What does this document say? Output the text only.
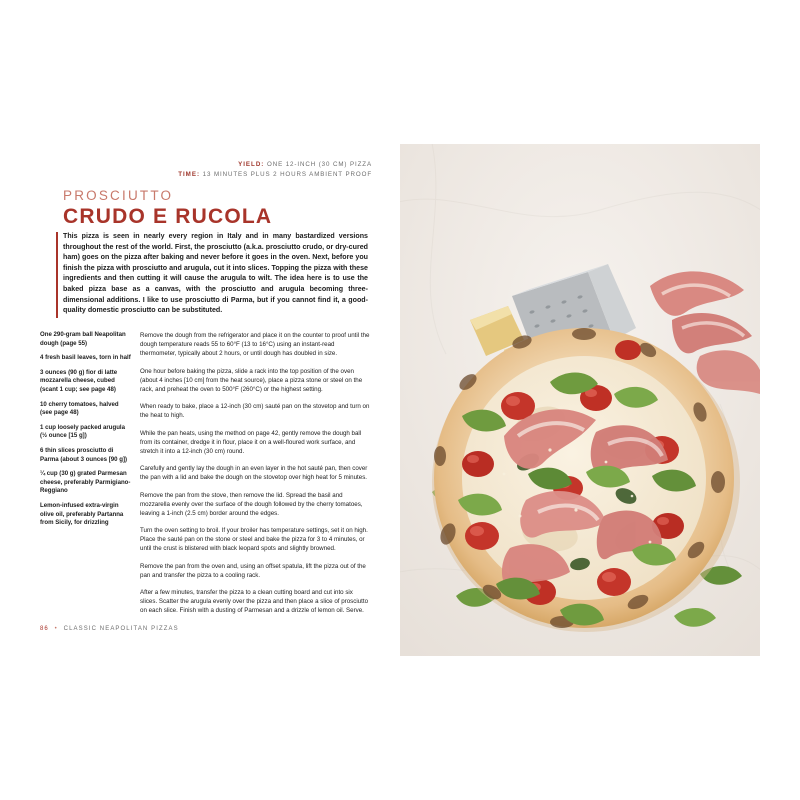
YIELD: ONE 12-INCH (30 CM) PIZZA
TIME: 13 MINUTES PLUS 2 HOURS AMBIENT PROOF

PROSCIUTTO

CRUDO E RUCOLA
This pizza is seen in nearly every region in Italy and in many bastardized versions throughout the rest of the world. First, the prosciutto (a.k.a. prosciutto crudo, or dry-cured ham) goes on the pizza after baking and never before it goes in the oven. Next, before you finish the pizza with prosciutto and arugula, cut it into slices. Topping the pizza with these ingredients and then cutting it will cause the arugula to wilt. The idea here is to use the baked pizza base as a canvas, with the prosciutto and arugula becoming three-dimensional additions. I like to use prosciutto di Parma, but if you cannot find it, a good-quality domestic prosciutto can be substituted.
One 290-gram ball Neapolitan dough (page 55)
4 fresh basil leaves, torn in half
3 ounces (90 g) fior di latte mozzarella cheese, cubed (scant 1 cup; see page 48)
10 cherry tomatoes, halved (see page 48)
1 cup loosely packed arugula (½ ounce [15 g])
6 thin slices prosciutto di Parma (about 3 ounces [90 g])
¼ cup (30 g) grated Parmesan cheese, preferably Parmigiano-Reggiano
Lemon-infused extra-virgin olive oil, preferably Partanna from Sicily, for drizzling

Remove the dough from the refrigerator and place it on the counter to proof until the dough temperature reads 55 to 60°F (13 to 16°C) using an instant-read thermometer, typically about 2 hours, or until dough has doubled in size.

One hour before baking the pizza, slide a rack into the top position of the oven (about 4 inches [10 cm] from the heat source), place a pizza stone or steel on the rack, and preheat the oven to 500°F (260°C) or the highest setting.

When ready to bake, place a 12-inch (30 cm) sauté pan on the stovetop and turn on the heat to high.

While the pan heats, using the method on page 42, gently remove the dough ball from its container, dredge it in flour, place it on a well-floured work surface, and stretch it into a 12-inch (30 cm) round.

Carefully and gently lay the dough in an even layer in the hot sauté pan, then cover the pan with a lid and bake the dough on the stovetop over high heat for 5 minutes.

Remove the pan from the stove, then remove the lid. Spread the basil and mozzarella evenly over the surface of the dough followed by the cherry tomatoes, leaving a 1-inch (2.5 cm) border around the edges.

Turn the oven setting to broil. If your broiler has temperature settings, set it on high. Place the sauté pan on the stone or steel and bake the pizza for 3 to 4 minutes, or until the crust is blistered with black leopard spots and slightly browned.

Remove the pan from the oven and, using an offset spatula, lift the pizza out of the pan and transfer the pizza to a cooling rack.

After a few minutes, transfer the pizza to a clean cutting board and cut into six slices. Scatter the arugula evenly over the pizza and then place a slice of prosciutto on each slice. Finish with a dusting of Parmesan and a drizzle of lemon oil. Serve.

86 • CLASSIC NEAPOLITAN PIZZAS
